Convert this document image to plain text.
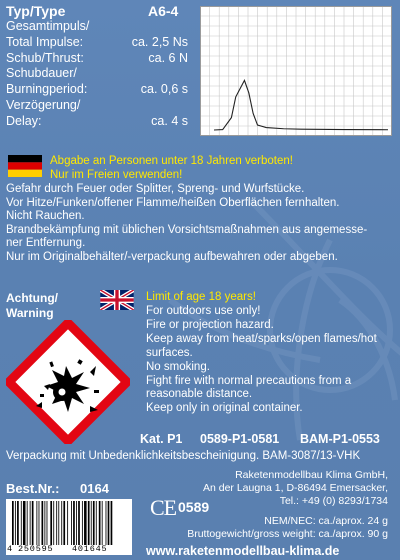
Typ/Type	A6-4
Gesamtimpuls/
Total Impulse:
Schub/Thrust:
Schubdauer/
Burningperiod:
Verzögerung/
Delay:
ca. 2,5 Ns
ca. 6 N
ca. 0,6 s
ca. 4 s
Abgabe an Personen unter 18 Jahren verboten!
Nur im Freien verwenden!
Gefahr durch Feuer oder Splitter, Spreng- und Wurfstücke.
Vor Hitze/Funken/offener Flamme/heißen Oberflächen fernhalten.
Nicht Rauchen.
Brandbekämpfung mit üblichen Vorsichtsmaßnahmen aus angemesse-
ner Entfernung.
Nur im Originalbehälter/-verpackung aufbewahren oder abgeben.
Achtung/
Warning
Limit of age 18 years!
For outdoors use only!
Fire or projection hazard.
Keep away from heat/sparks/open flames/hot
surfaces.
No smoking.
Fight fire with normal precautions from a
reasonable distance.
Keep only in original container.
Kat. P1 0589-P1-0581 BAM-P1-0553
Verpackung mit Unbedenklichkeitsbescheinigung. BAM-3087/13-VHK
Raketenmodellbau Klima GmbH,
An der Laugna 1, D-86494 Emersacker,
Tel.: +49 (0) 8293/1734
Best.Nr.: 0164
CE 0589
NEM/NEC: ca./aprox. 24 g
Bruttogewicht/gross weight: ca./aprox. 90 g
4 250595 401645	www.raketenmodellbau-klima.de
